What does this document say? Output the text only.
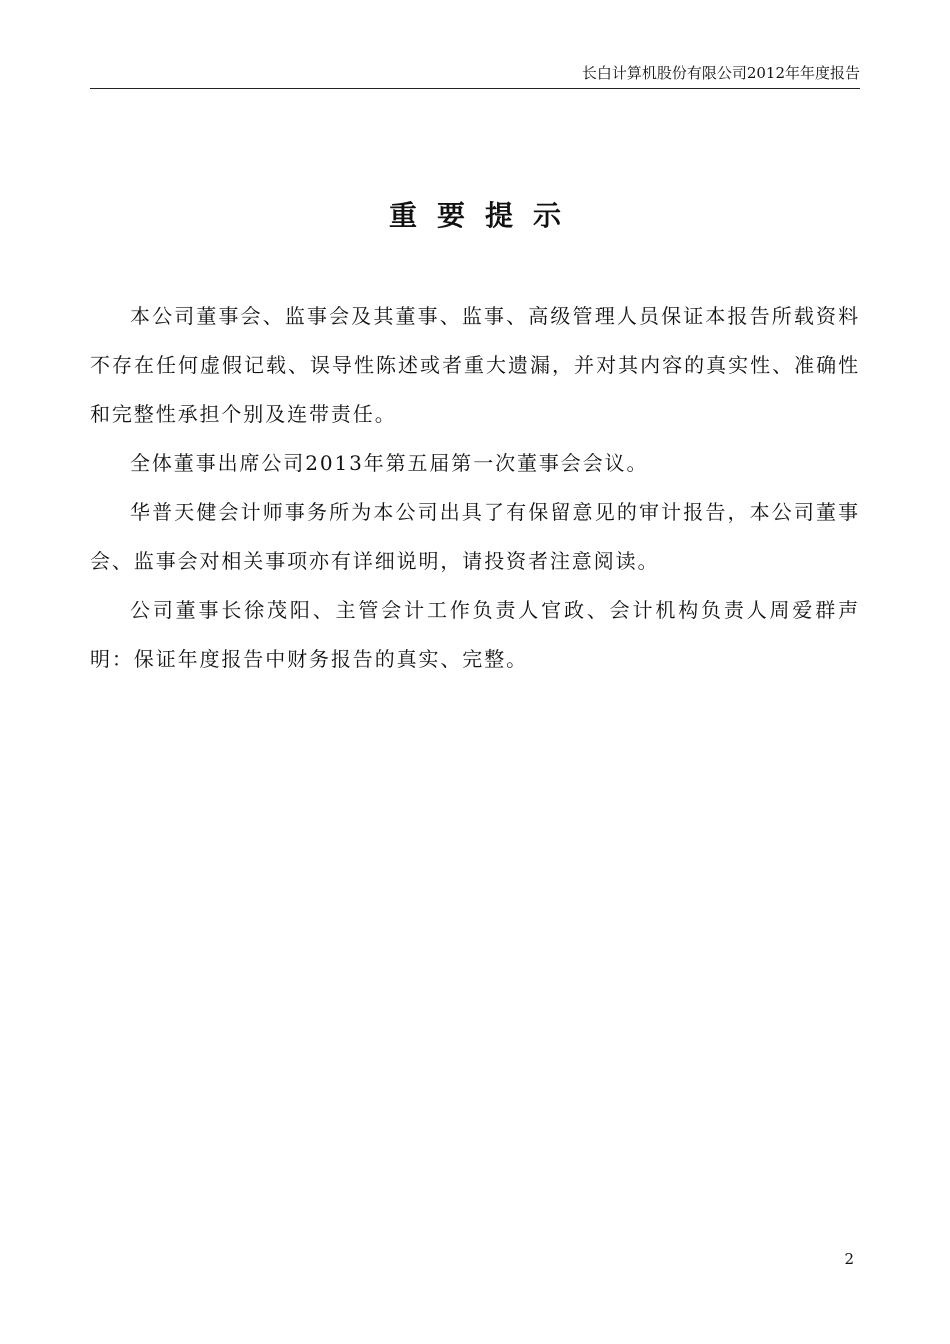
长白计算机股份有限公司2012年年度报告
重要提示

本公司董事会、监事会及其董事、监事、高级管理人员保证本报告所载资料不存在任何虚假记载、误导性陈述或者重大遗漏，并对其内容的真实性、准确性和完整性承担个别及连带责任。

全体董事出席公司2013年第五届第一次董事会会议。

华普天健会计师事务所为本公司出具了有保留意见的审计报告，本公司董事会、监事会对相关事项亦有详细说明，请投资者注意阅读。

公司董事长徐茂阳、主管会计工作负责人官政、会计机构负责人周爱群声明：保证年度报告中财务报告的真实、完整。

2
